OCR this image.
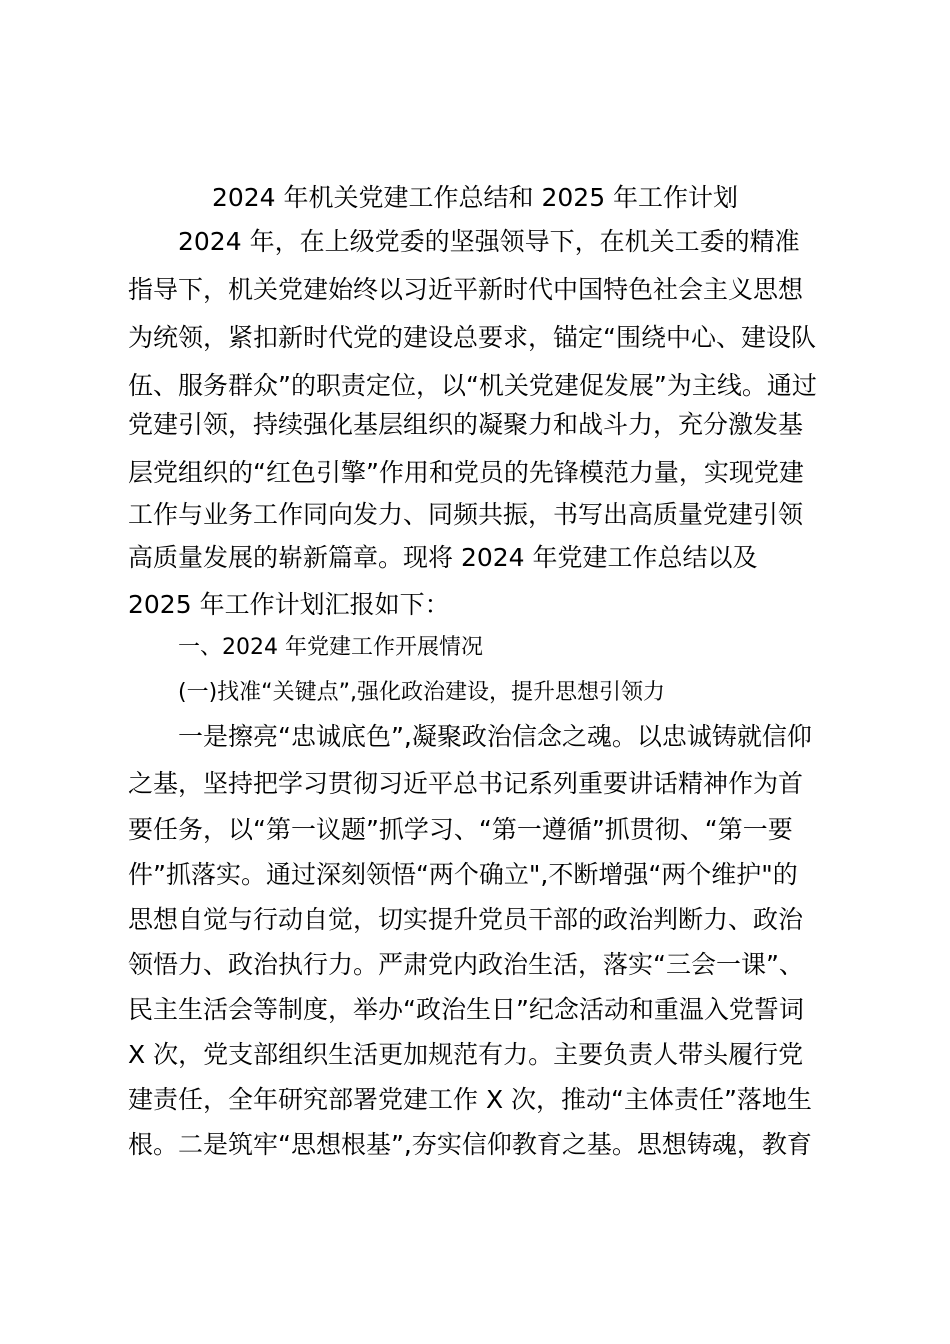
2024 年机关党建工作总结和 2025 年工作计划
2024 年，在上级党委的坚强领导下，在机关工委的精准
指导下，机关党建始终以习近平新时代中国特色社会主义思想
为统领，紧扣新时代党的建设总要求，锚定“围绕中心、建设队
伍、服务群众”的职责定位，以“机关党建促发展”为主线。通过
党建引领，持续强化基层组织的凝聚力和战斗力，充分激发基
层党组织的“红色引擎”作用和党员的先锋模范力量，实现党建
工作与业务工作同向发力、同频共振，书写出高质量党建引领
高质量发展的崭新篇章。现将 2024 年党建工作总结以及
2025 年工作计划汇报如下：
一、2024 年党建工作开展情况
(一)找准“关键点”,强化政治建设，提升思想引领力
一是擦亮“忠诚底色”,凝聚政治信念之魂。以忠诚铸就信仰
之基，坚持把学习贯彻习近平总书记系列重要讲话精神作为首
要任务，以“第一议题”抓学习、“第一遵循”抓贯彻、“第一要
件”抓落实。通过深刻领悟“两个确立",不断增强“两个维护"的
思想自觉与行动自觉，切实提升党员干部的政治判断力、政治
领悟力、政治执行力。严肃党内政治生活，落实“三会一课”、
民主生活会等制度，举办“政治生日”纪念活动和重温入党誓词
X 次，党支部组织生活更加规范有力。主要负责人带头履行党
建责任，全年研究部署党建工作 X 次，推动“主体责任”落地生
根。二是筑牢“思想根基”,夯实信仰教育之基。思想铸魂，教育
